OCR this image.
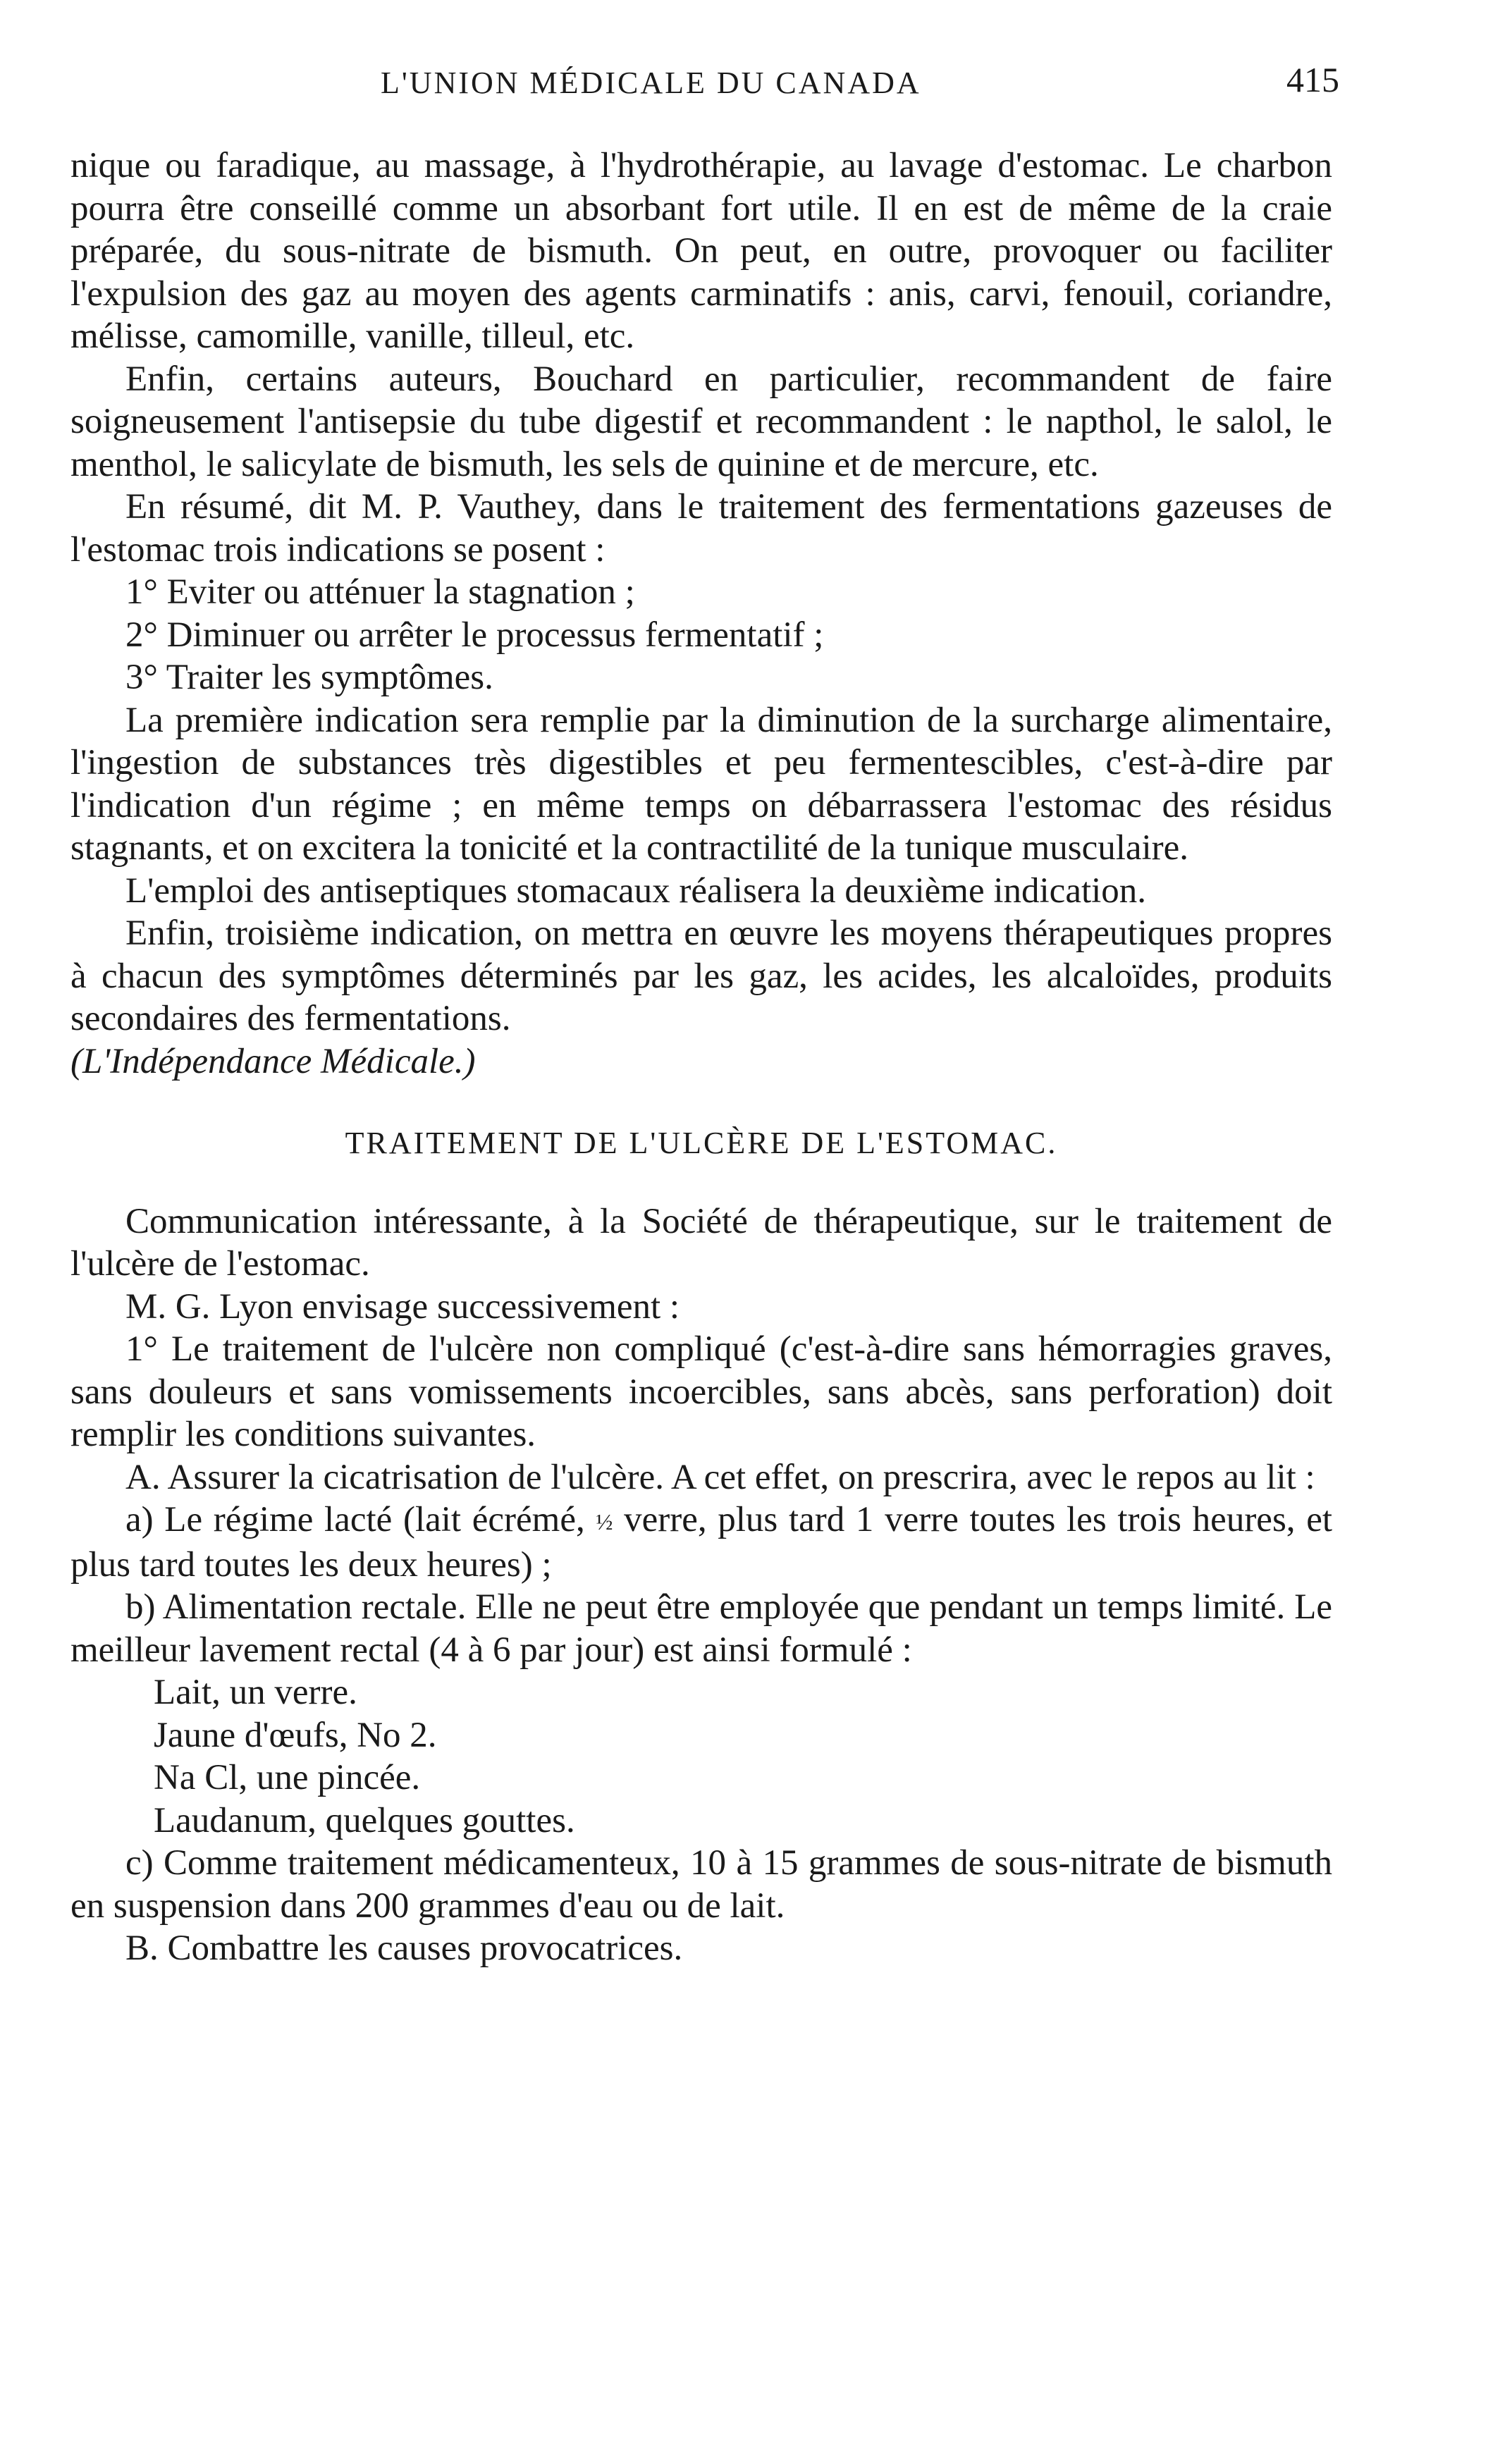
L'UNION MÉDICALE DU CANADA	415

nique ou faradique, au massage, à l'hydrothérapie, au lavage d'estomac. Le charbon pourra être conseillé comme un absorbant fort utile. Il en est de même de la craie préparée, du sous-nitrate de bismuth. On peut, en outre, provoquer ou faciliter l'expulsion des gaz au moyen des agents carminatifs : anis, carvi, fenouil, coriandre, mélisse, camomille, vanille, tilleul, etc.

Enfin, certains auteurs, Bouchard en particulier, recommandent de faire soigneusement l'antisepsie du tube digestif et recommandent : le napthol, le salol, le menthol, le salicylate de bismuth, les sels de quinine et de mercure, etc.

En résumé, dit M. P. Vauthey, dans le traitement des fermentations gazeuses de l'estomac trois indications se posent :

1° Eviter ou atténuer la stagnation ;

2° Diminuer ou arrêter le processus fermentatif ;

3° Traiter les symptômes.

La première indication sera remplie par la diminution de la surcharge alimentaire, l'ingestion de substances très digestibles et peu fermentescibles, c'est-à-dire par l'indication d'un régime ; en même temps on débarrassera l'estomac des résidus stagnants, et on excitera la tonicité et la contractilité de la tunique musculaire.

L'emploi des antiseptiques stomacaux réalisera la deuxième indication.

Enfin, troisième indication, on mettra en œuvre les moyens thérapeutiques propres à chacun des symptômes déterminés par les gaz, les acides, les alcaloïdes, produits secondaires des fermentations.

(L'Indépendance Médicale.)

TRAITEMENT DE L'ULCÈRE DE L'ESTOMAC.

Communication intéressante, à la Société de thérapeutique, sur le traitement de l'ulcère de l'estomac.

M. G. Lyon envisage successivement :

1° Le traitement de l'ulcère non compliqué (c'est-à-dire sans hémorragies graves, sans douleurs et sans vomissements incoercibles, sans abcès, sans perforation) doit remplir les conditions suivantes.

A. Assurer la cicatrisation de l'ulcère. A cet effet, on prescrira, avec le repos au lit :

a) Le régime lacté (lait écrémé, ½ verre, plus tard 1 verre toutes les trois heures, et plus tard toutes les deux heures) ;

b) Alimentation rectale. Elle ne peut être employée que pendant un temps limité. Le meilleur lavement rectal (4 à 6 par jour) est ainsi formulé :

Lait, un verre.

Jaune d'œufs, No 2.

Na Cl, une pincée.

Laudanum, quelques gouttes.

c) Comme traitement médicamenteux, 10 à 15 grammes de sous-nitrate de bismuth en suspension dans 200 grammes d'eau ou de lait.

B. Combattre les causes provocatrices.
